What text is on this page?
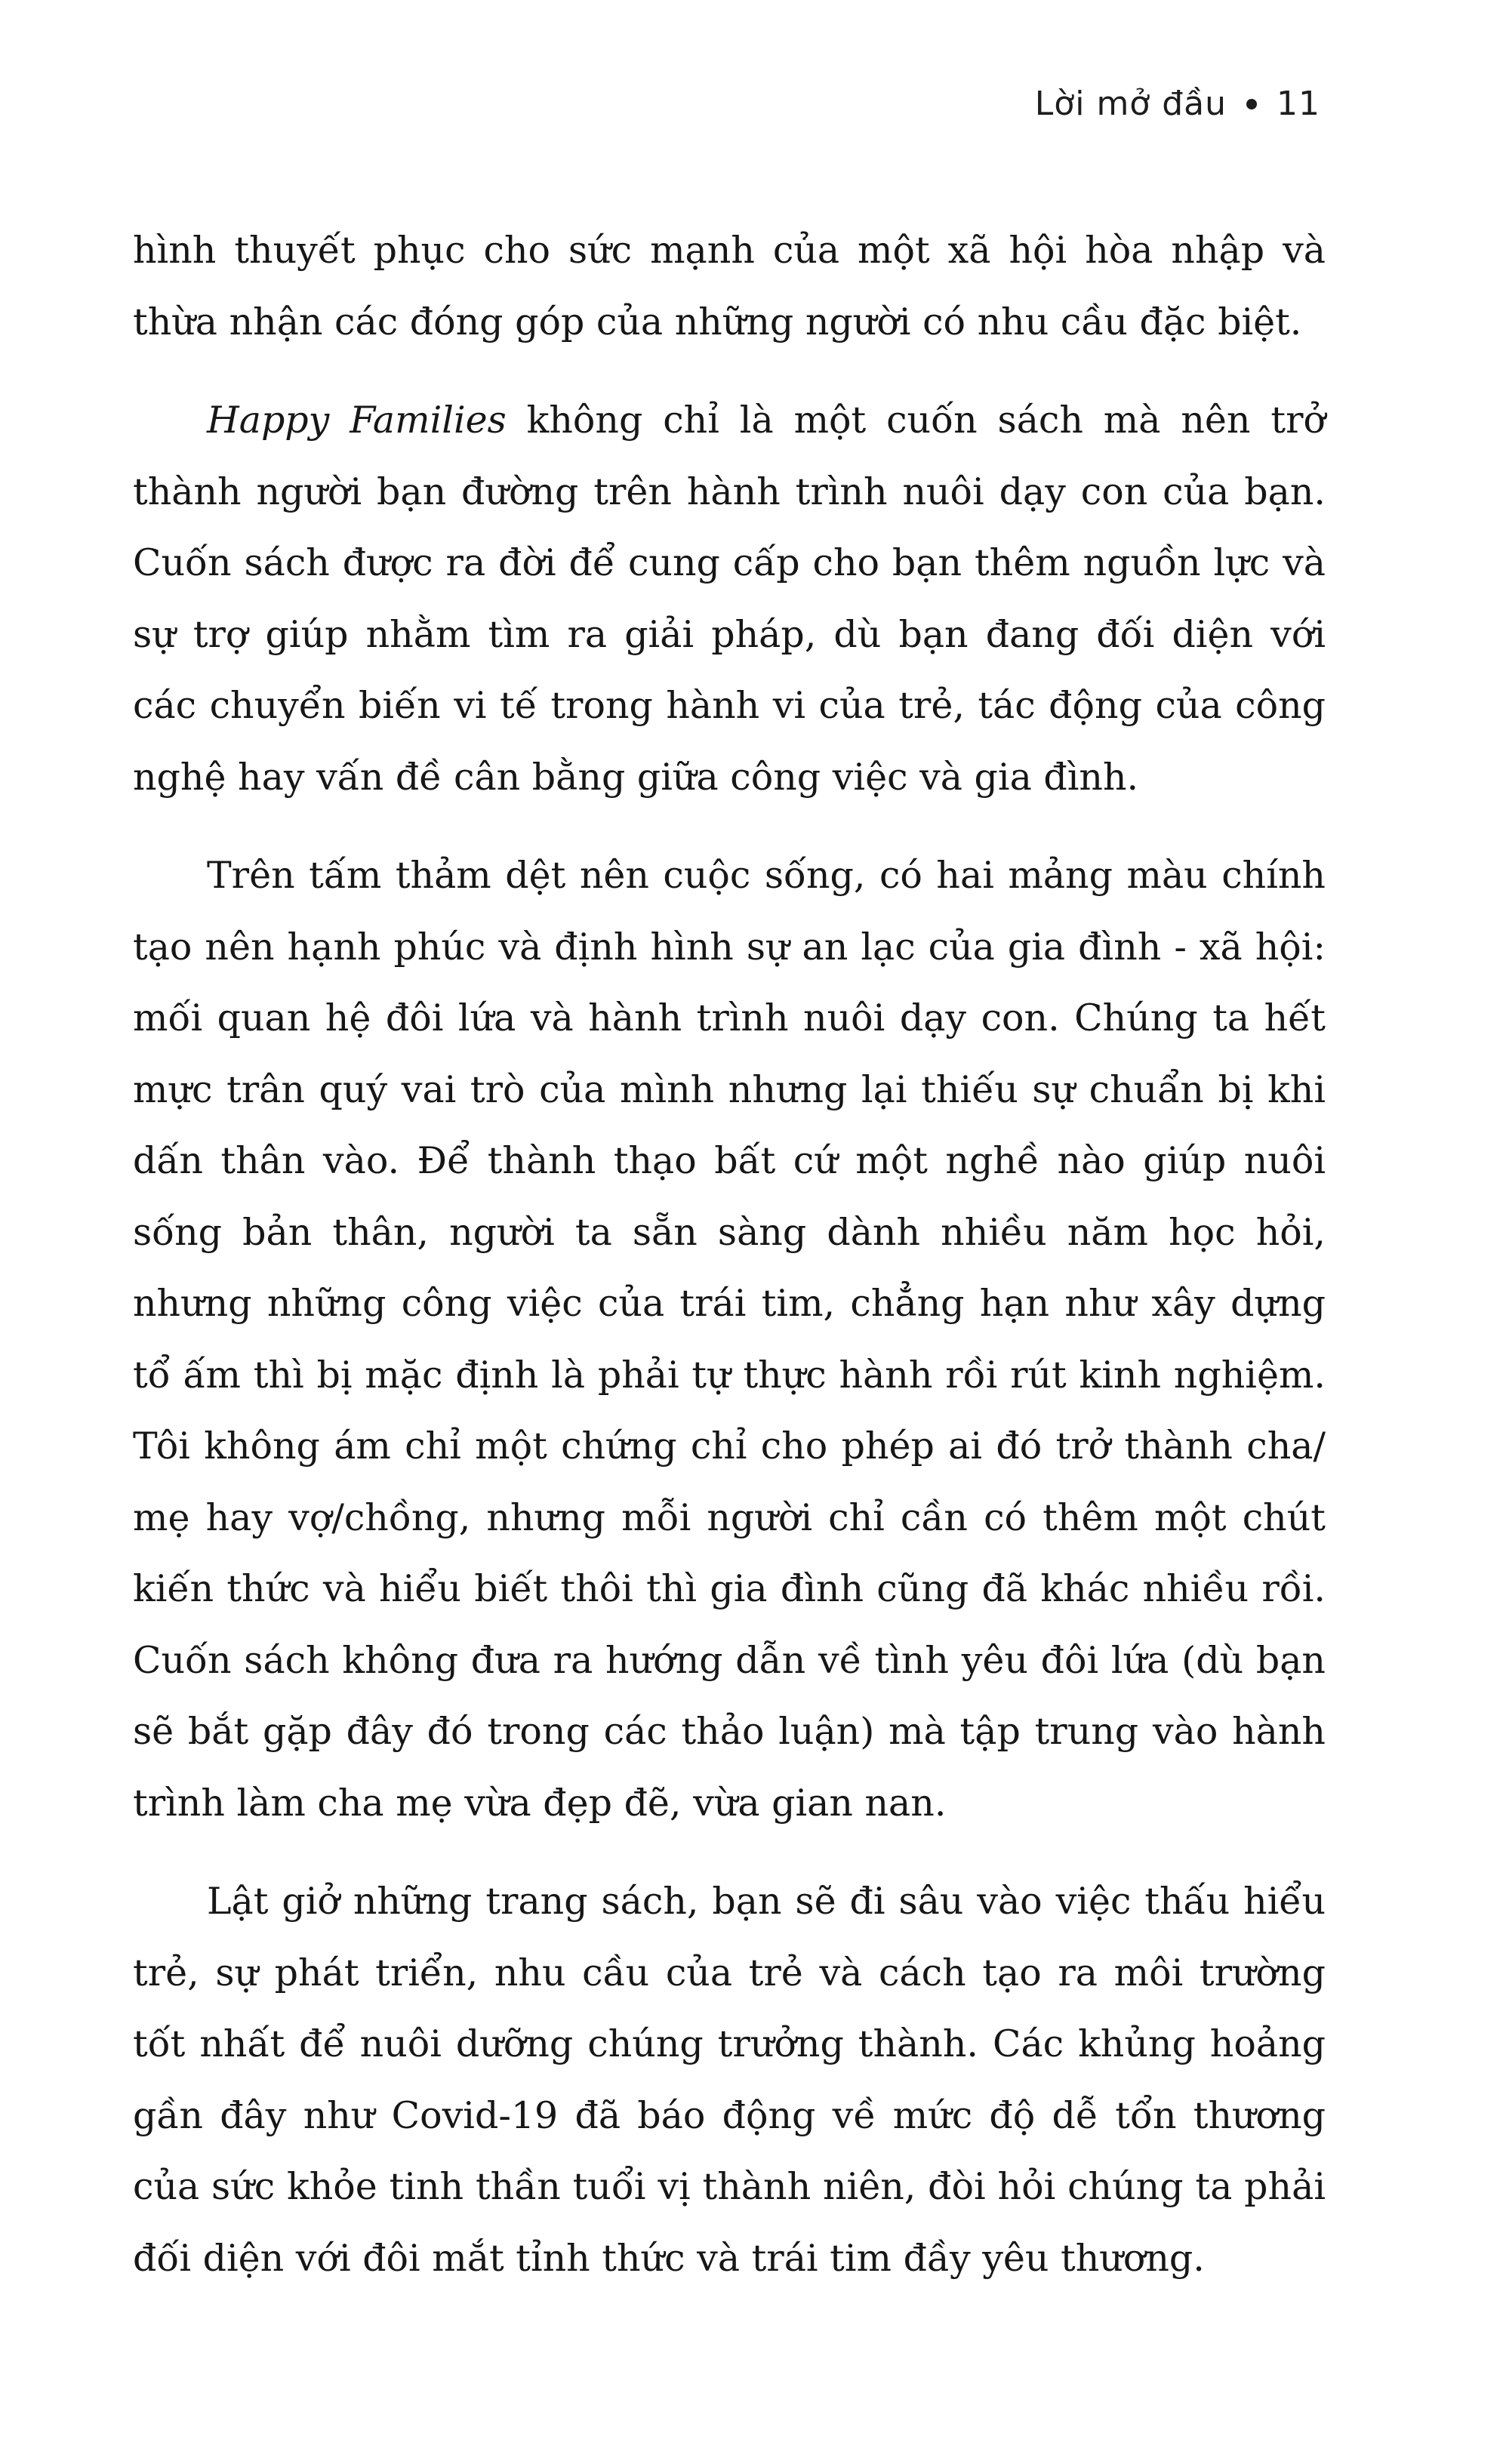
Lời mở đầu 11

hình thuyết phục cho sức mạnh của một xã hội hòa nhập và thừa nhận các đóng góp của những người có nhu cầu đặc biệt.

Happy Families không chỉ là một cuốn sách mà nên trở thành người bạn đường trên hành trình nuôi dạy con của bạn. Cuốn sách được ra đời để cung cấp cho bạn thêm nguồn lực và sự trợ giúp nhằm tìm ra giải pháp, dù bạn đang đối diện với các chuyển biến vi tế trong hành vi của trẻ, tác động của công nghệ hay vấn đề cân bằng giữa công việc và gia đình.

Trên tấm thảm dệt nên cuộc sống, có hai mảng màu chính tạo nên hạnh phúc và định hình sự an lạc của gia đình - xã hội: mối quan hệ đôi lứa và hành trình nuôi dạy con. Chúng ta hết mực trân quý vai trò của mình nhưng lại thiếu sự chuẩn bị khi dấn thân vào. Để thành thạo bất cứ một nghề nào giúp nuôi sống bản thân, người ta sẵn sàng dành nhiều năm học hỏi, nhưng những công việc của trái tim, chẳng hạn như xây dựng tổ ấm thì bị mặc định là phải tự thực hành rồi rút kinh nghiệm. Tôi không ám chỉ một chứng chỉ cho phép ai đó trở thành cha/ mẹ hay vợ/chồng, nhưng mỗi người chỉ cần có thêm một chút kiến thức và hiểu biết thôi thì gia đình cũng đã khác nhiều rồi. Cuốn sách không đưa ra hướng dẫn về tình yêu đôi lứa (dù bạn sẽ bắt gặp đây đó trong các thảo luận) mà tập trung vào hành trình làm cha mẹ vừa đẹp đẽ, vừa gian nan.

Lật giở những trang sách, bạn sẽ đi sâu vào việc thấu hiểu trẻ, sự phát triển, nhu cầu của trẻ và cách tạo ra môi trường tốt nhất để nuôi dưỡng chúng trưởng thành. Các khủng hoảng gần đây như Covid-19 đã báo động về mức độ dễ tổn thương của sức khỏe tinh thần tuổi vị thành niên, đòi hỏi chúng ta phải đối diện với đôi mắt tỉnh thức và trái tim đầy yêu thương.
